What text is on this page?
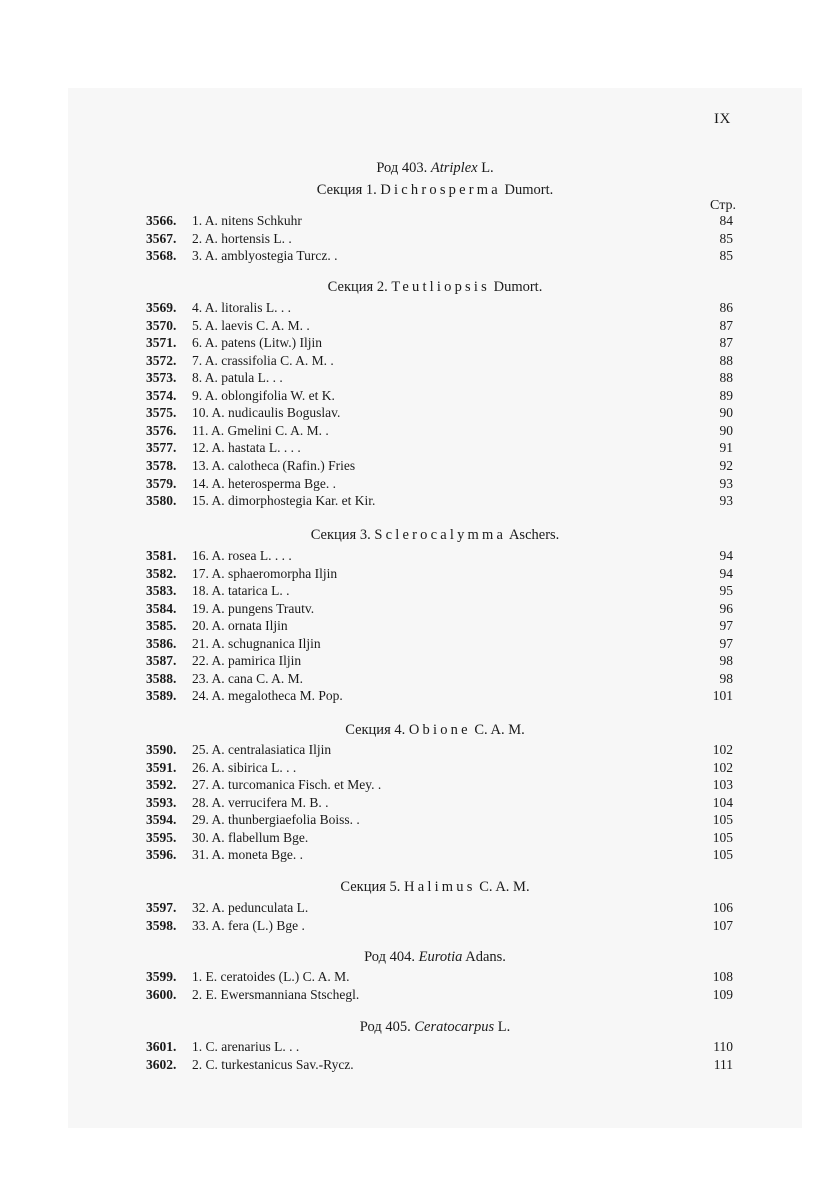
IX
Род 403. Atriplex L.
Секция 1. Dichrosperma Dumort.
Стр.
3566.	1. A. nitens Schkuhr	84
3567.	2. A. hortensis L. .	85
3568.	3. A. amblyostegia Turcz. .	85
Секция 2. Teutliopsis Dumort.
3569.	4. A. litoralis L. . .	86
3570.	5. A. laevis C. A. M. .	87
3571.	6. A. patens (Litw.) Iljin	87
3572.	7. A. crassifolia C. A. M. .	88
3573.	8. A. patula L. . .	88
3574.	9. A. oblongifolia W. et K.	89
3575.	10. A. nudicaulis Boguslav.	90
3576.	11. A. Gmelini C. A. M. .	90
3577.	12. A. hastata L. . . .	91
3578.	13. A. calotheca (Rafin.) Fries	92
3579.	14. A. heterosperma Bge. .	93
3580.	15. A. dimorphostegia Kar. et Kir.	93
Секция 3. Sclerocalymma Aschers.
3581.	16. A. rosea L. . . .	94
3582.	17. A. sphaeromorpha Iljin	94
3583.	18. A. tatarica L. .	95
3584.	19. A. pungens Trautv.	96
3585.	20. A. ornata Iljin	97
3586.	21. A. schugnanica Iljin	97
3587.	22. A. pamirica Iljin	98
3588.	23. A. cana C. A. M.	98
3589.	24. A. megalotheca M. Pop.	101
Секция 4. Obione C. A. M.
3590.	25. A. centralasiatica Iljin	102
3591.	26. A. sibirica L. . .	102
3592.	27. A. turcomanica Fisch. et Mey. .	103
3593.	28. A. verrucifera M. B. .	104
3594.	29. A. thunbergiaefolia Boiss. .	105
3595.	30. A. flabellum Bge.	105
3596.	31. A. moneta Bge. .	105
Секция 5. Halimus C. A. M.
3597.	32. A. pedunculata L.	106
3598.	33. A. fera (L.) Bge .	107
Род 404. Eurotia Adans.
3599.	1. E. ceratoides (L.) C. A. M.	108
3600.	2. E. Ewersmanniana Stschegl.	109
Род 405. Ceratocarpus L.
3601.	1. C. arenarius L. . .	110
3602.	2. C. turkestanicus Sav.-Rycz.	111
